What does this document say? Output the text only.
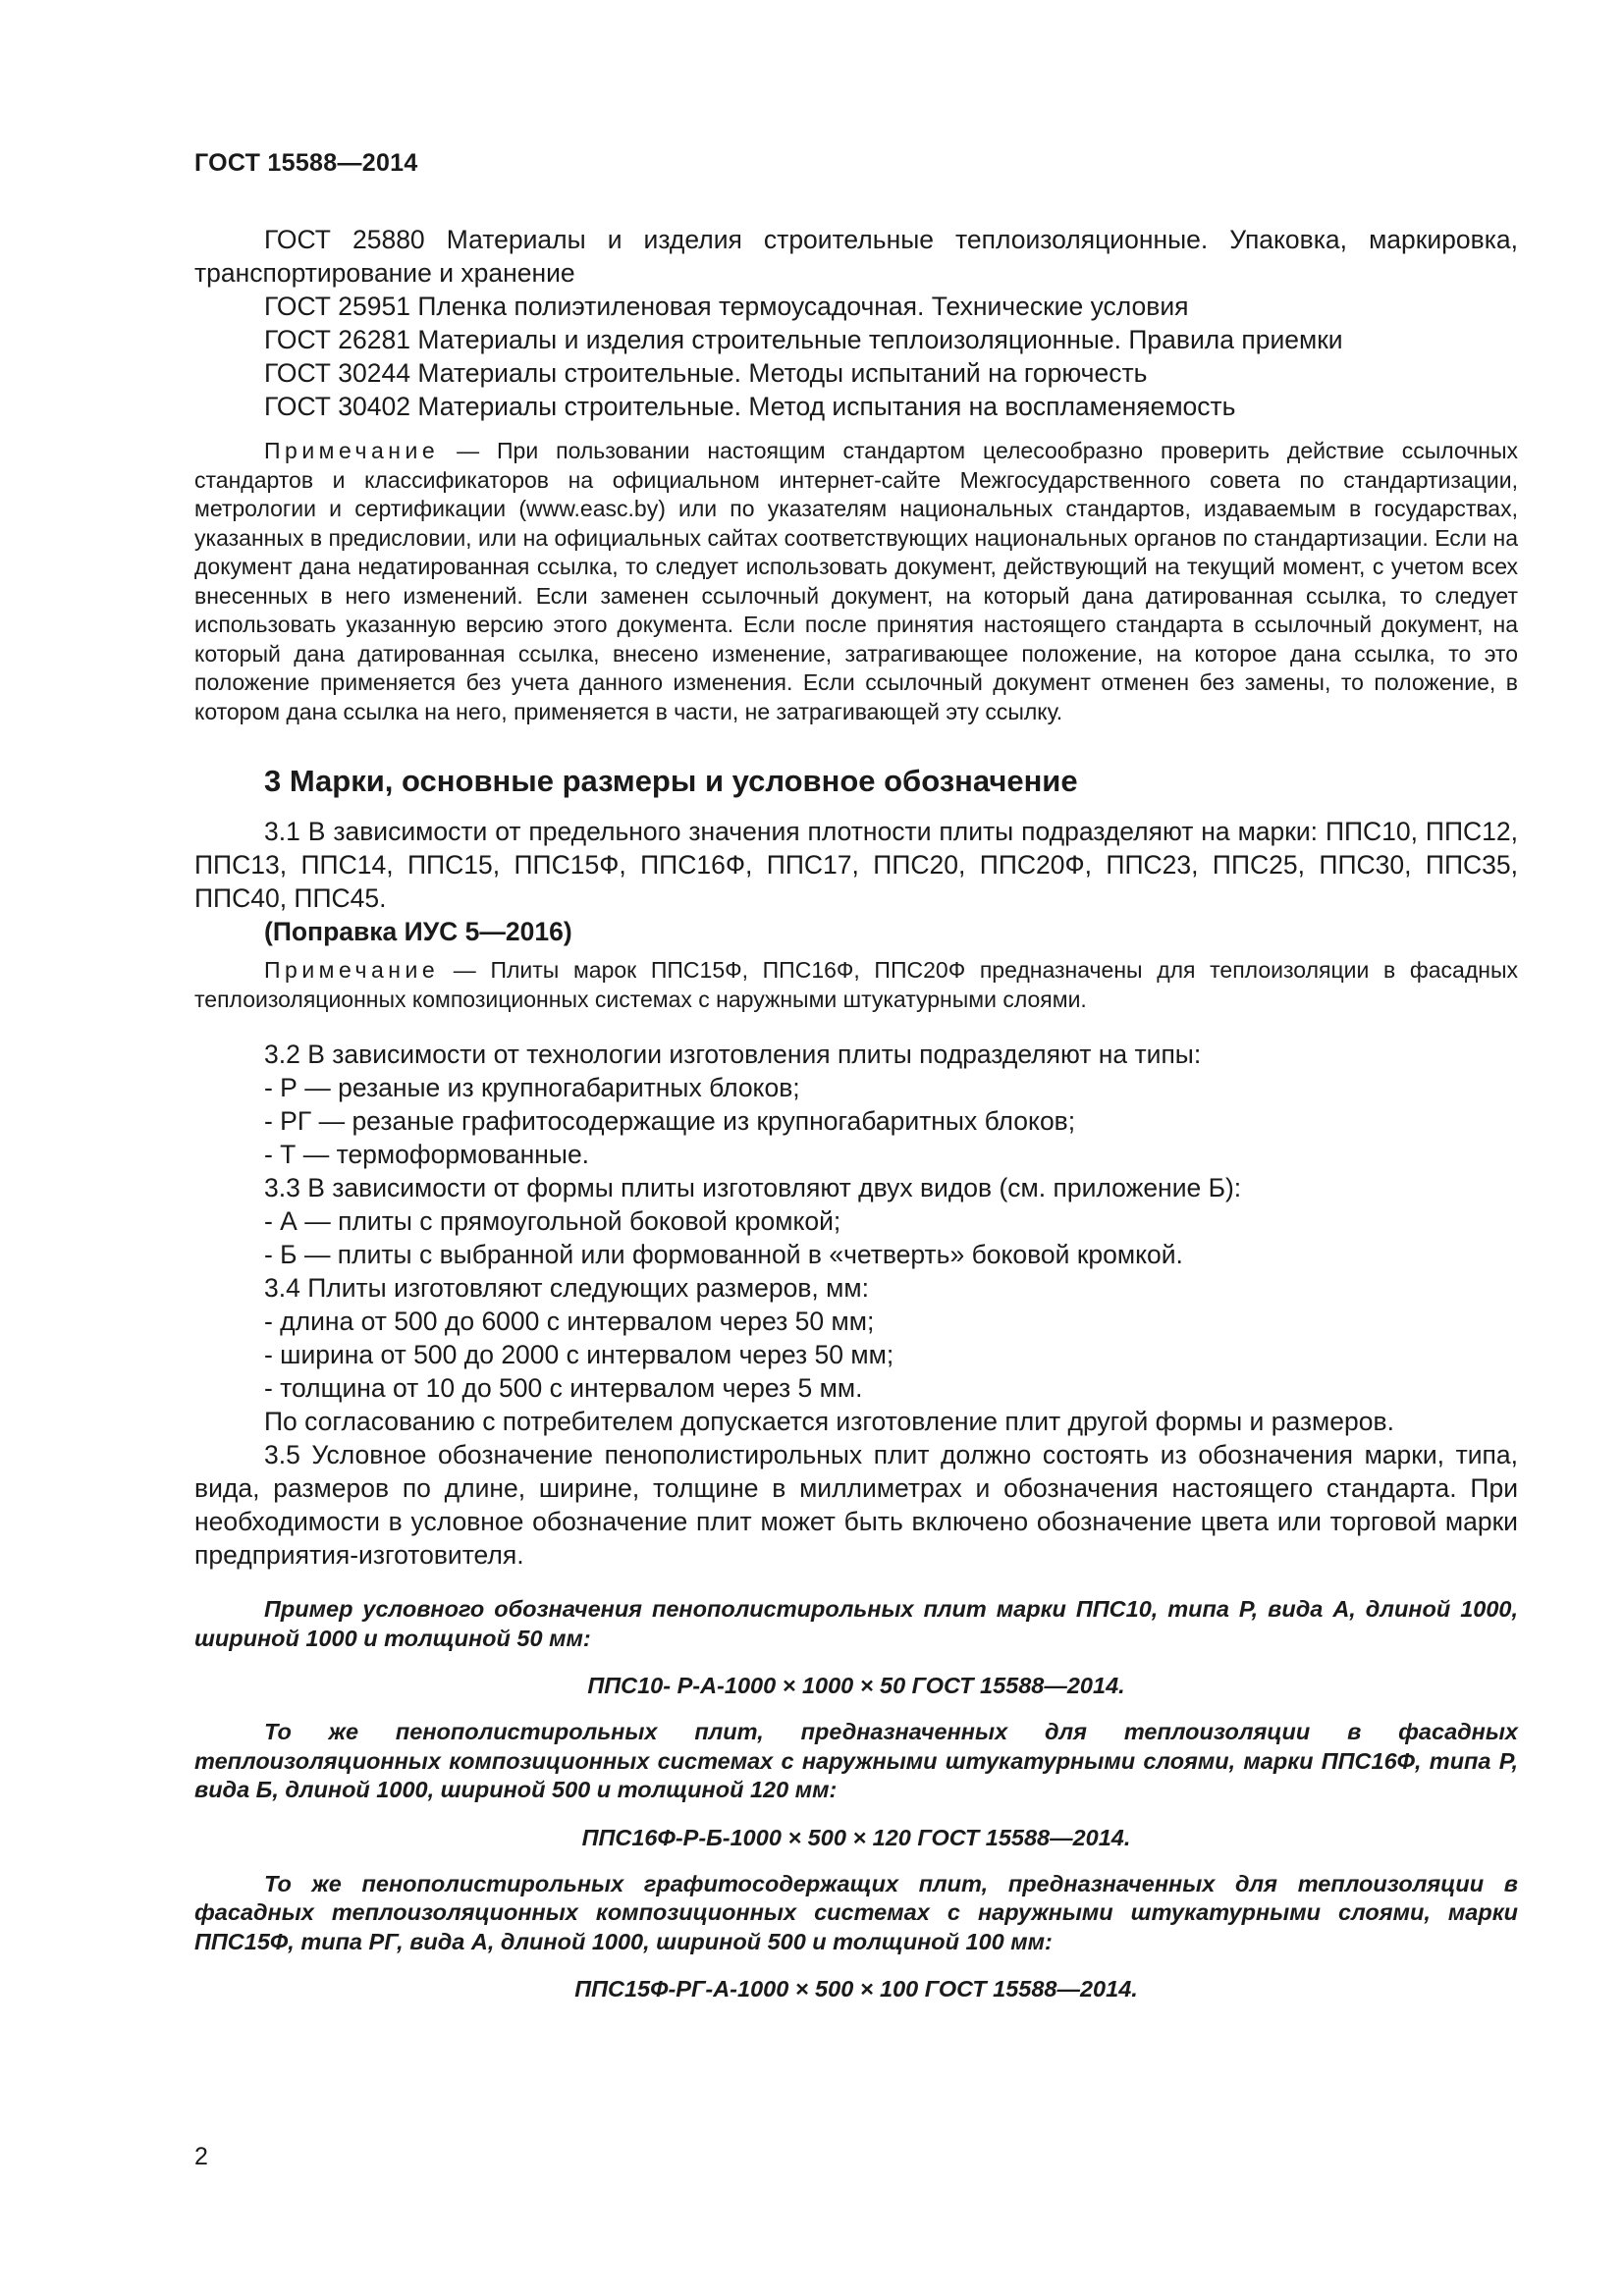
ГОСТ 15588—2014

ГОСТ 25880 Материалы и изделия строительные теплоизоляционные. Упаковка, маркировка, транспортирование и хранение

ГОСТ 25951 Пленка полиэтиленовая термоусадочная. Технические условия

ГОСТ 26281 Материалы и изделия строительные теплоизоляционные. Правила приемки

ГОСТ 30244 Материалы строительные. Методы испытаний на горючесть

ГОСТ 30402 Материалы строительные. Метод испытания на воспламеняемость

Примечание — При пользовании настоящим стандартом целесообразно проверить действие ссылочных стандартов и классификаторов на официальном интернет-сайте Межгосударственного совета по стандартизации, метрологии и сертификации (www.easc.by) или по указателям национальных стандартов, издаваемым в государствах, указанных в предисловии, или на официальных сайтах соответствующих национальных органов по стандартизации. Если на документ дана недатированная ссылка, то следует использовать документ, действующий на текущий момент, с учетом всех внесенных в него изменений. Если заменен ссылочный документ, на который дана датированная ссылка, то следует использовать указанную версию этого документа. Если после принятия настоящего стандарта в ссылочный документ, на который дана датированная ссылка, внесено изменение, затрагивающее положение, на которое дана ссылка, то это положение применяется без учета данного изменения. Если ссылочный документ отменен без замены, то положение, в котором дана ссылка на него, применяется в части, не затрагивающей эту ссылку.

3 Марки, основные размеры и условное обозначение

3.1 В зависимости от предельного значения плотности плиты подразделяют на марки: ППС10, ППС12, ППС13, ППС14, ППС15, ППС15Ф, ППС16Ф, ППС17, ППС20, ППС20Ф, ППС23, ППС25, ППС30, ППС35, ППС40, ППС45.

(Поправка ИУС 5—2016)

Примечание — Плиты марок ППС15Ф, ППС16Ф, ППС20Ф предназначены для теплоизоляции в фасадных теплоизоляционных композиционных системах с наружными штукатурными слоями.

3.2 В зависимости от технологии изготовления плиты подразделяют на типы:

- Р — резаные из крупногабаритных блоков;

- РГ — резаные графитосодержащие из крупногабаритных блоков;

- Т — термоформованные.

3.3 В зависимости от формы плиты изготовляют двух видов (см. приложение Б):

- А — плиты с прямоугольной боковой кромкой;

- Б — плиты с выбранной или формованной в «четверть» боковой кромкой.

3.4 Плиты изготовляют следующих размеров, мм:

- длина от 500 до 6000 с интервалом через 50 мм;

- ширина от 500 до 2000 с интервалом через 50 мм;

- толщина от 10 до 500 с интервалом через 5 мм.

По согласованию с потребителем допускается изготовление плит другой формы и размеров.

3.5 Условное обозначение пенополистирольных плит должно состоять из обозначения марки, типа, вида, размеров по длине, ширине, толщине в миллиметрах и обозначения настоящего стандарта. При необходимости в условное обозначение плит может быть включено обозначение цвета или торговой марки предприятия-изготовителя.

Пример условного обозначения пенополистирольных плит марки ППС10, типа Р, вида А, длиной 1000, шириной 1000 и толщиной 50 мм:

ППС10- Р-А-1000 × 1000 × 50 ГОСТ 15588—2014.

То же пенополистирольных плит, предназначенных для теплоизоляции в фасадных теплоизоляционных композиционных системах с наружными штукатурными слоями, марки ППС16Ф, типа Р, вида Б, длиной 1000, шириной 500 и толщиной 120 мм:

ППС16Ф-Р-Б-1000 × 500 × 120 ГОСТ 15588—2014.

То же пенополистирольных графитосодержащих плит, предназначенных для теплоизоляции в фасадных теплоизоляционных композиционных системах с наружными штукатурными слоями, марки ППС15Ф, типа РГ, вида А, длиной 1000, шириной 500 и толщиной 100 мм:

ППС15Ф-РГ-А-1000 × 500 × 100 ГОСТ 15588—2014.

2
